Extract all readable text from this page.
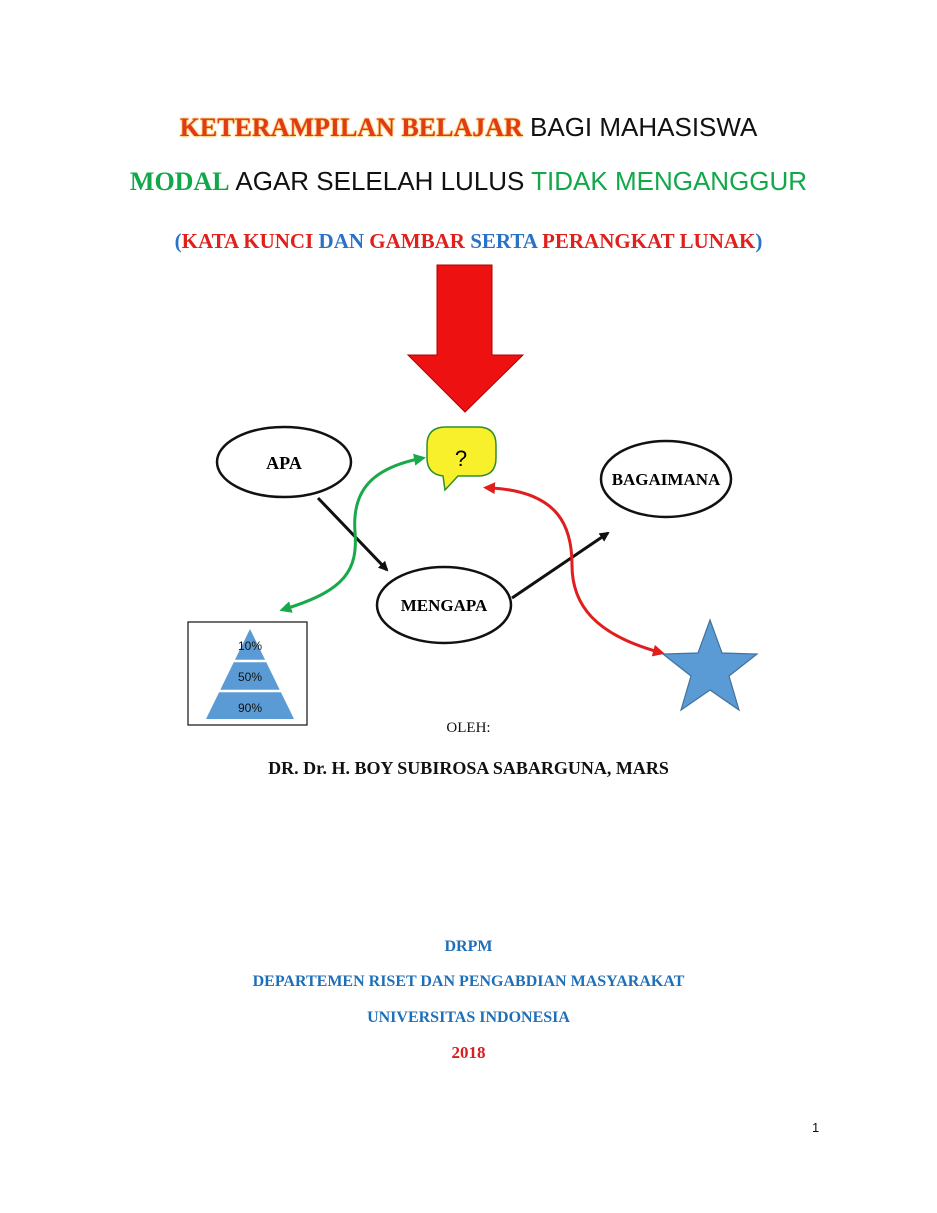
KETERAMPILAN BELAJAR BAGI MAHASISWA
MODAL AGAR SELELAH LULUS TIDAK MENGANGGUR
(KATA KUNCI DAN GAMBAR SERTA PERANGKAT LUNAK)
APA	?
BAGAIMANA
MENGAPA
10%
50%
90%
OLEH:
DR. Dr. H. BOY SUBIROSA SABARGUNA, MARS
DRPM
DEPARTEMEN RISET DAN PENGABDIAN MASYARAKAT
UNIVERSITAS INDONESIA
2018
1
